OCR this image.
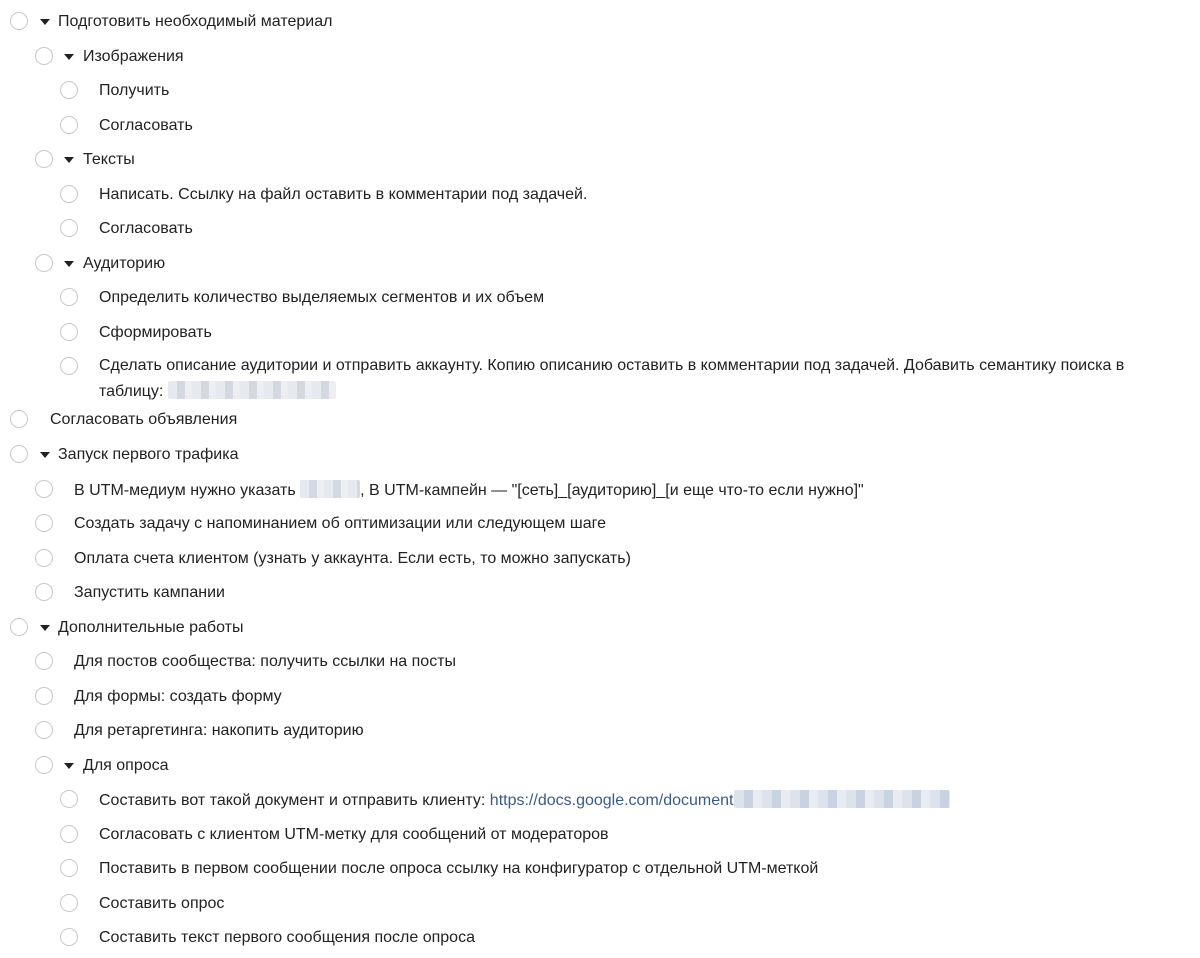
Подготовить необходимый материал
Изображения
Получить
Согласовать
Тексты
Написать. Ссылку на файл оставить в комментарии под задачей.
Согласовать
Аудиторию
Определить количество выделяемых сегментов и их объем
Сформировать
Сделать описание аудитории и отправить аккаунту. Копию описанию оставить в комментарии под задачей. Добавить семантику поиска в таблицу:
Согласовать объявления
Запуск первого трафика
В UTM-медиум нужно указать	, В UTM-кампейн — "[сеть]_[аудиторию]_[и еще что-то если нужно]"
Создать задачу с напоминанием об оптимизации или следующем шаге
Оплата счета клиентом (узнать у аккаунта. Если есть, то можно запускать)
Запустить кампании
Дополнительные работы
Для постов сообщества: получить ссылки на посты
Для формы: создать форму
Для ретаргетинга: накопить аудиторию
Для опроса
Составить вот такой документ и отправить клиенту: https://docs.google.com/document
Согласовать с клиентом UTM-метку для сообщений от модераторов
Поставить в первом сообщении после опроса ссылку на конфигуратор с отдельной UTM-меткой
Составить опрос
Составить текст первого сообщения после опроса
